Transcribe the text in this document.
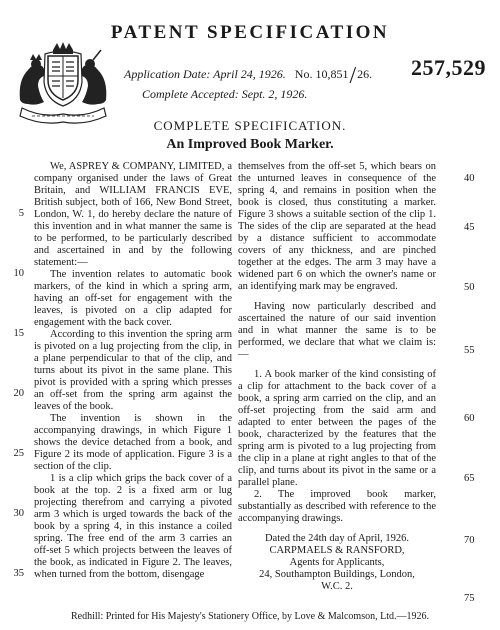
PATENT SPECIFICATION
Application Date: April 24, 1926. No. 10,851/26.
Complete Accepted: Sept. 2, 1926.
257,529
COMPLETE SPECIFICATION.
An Improved Book Marker.

We, ASPREY & COMPANY, LIMITED, a company organised under the laws of Great Britain, and WILLIAM FRANCIS EVE, British subject, both of 166, New Bond Street, London, W. 1, do hereby declare the nature of this invention and in what manner the same is to be performed, to be particularly described and ascertained in and by the following statement:—

The invention relates to automatic book markers, of the kind in which a spring arm, having an off-set for engagement with the leaves, is pivoted on a clip adapted for engagement with the back cover.

According to this invention the spring arm is pivoted on a lug projecting from the clip, in a plane perpendicular to that of the clip, and turns about its pivot in the same plane. This pivot is provided with a spring which presses an off-set from the spring arm against the leaves of the book.

The invention is shown in the accompanying drawings, in which Figure 1 shows the device detached from a book, and Figure 2 its mode of application. Figure 3 is a section of the clip.

1 is a clip which grips the back cover of a book at the top. 2 is a fixed arm or lug projecting therefrom and carrying a pivoted arm 3 which is urged towards the back of the book by a spring 4, in this instance a coiled spring. The free end of the arm 3 carries an off-set 5 which projects between the leaves of the book, as indicated in Figure 2. The leaves, when turned from the bottom, disengage

themselves from the off-set 5, which bears on the unturned leaves in consequence of the spring 4, and remains in position when the book is closed, thus constituting a marker. Figure 3 shows a suitable section of the clip 1. The sides of the clip are separated at the head by a distance sufficient to accommodate covers of any thickness, and are pinched together at the edges. The arm 3 may have a widened part 6 on which the owner's name or an identifying mark may be engraved.

Having now particularly described and ascertained the nature of our said invention and in what manner the same is to be performed, we declare that what we claim is:—

1. A book marker of the kind consisting of a clip for attachment to the back cover of a book, a spring arm carried on the clip, and an off-set projecting from the said arm and adapted to enter between the pages of the book, characterized by the features that the spring arm is pivoted to a lug projecting from the clip in a plane at right angles to that of the clip, and turns about its pivot in the same or a parallel plane.

2. The improved book marker, substantially as described with reference to the accompanying drawings.

Dated the 24th day of April, 1926.

CARPMAELS & RANSFORD,

Agents for Applicants,

24, Southampton Buildings, London,

W.C. 2.

5
10
15
20
25
30
35
40
45
50
55
60
65
70
75
Redhill: Printed for His Majesty's Stationery Office, by Love & Malcomson, Ltd.—1926.
